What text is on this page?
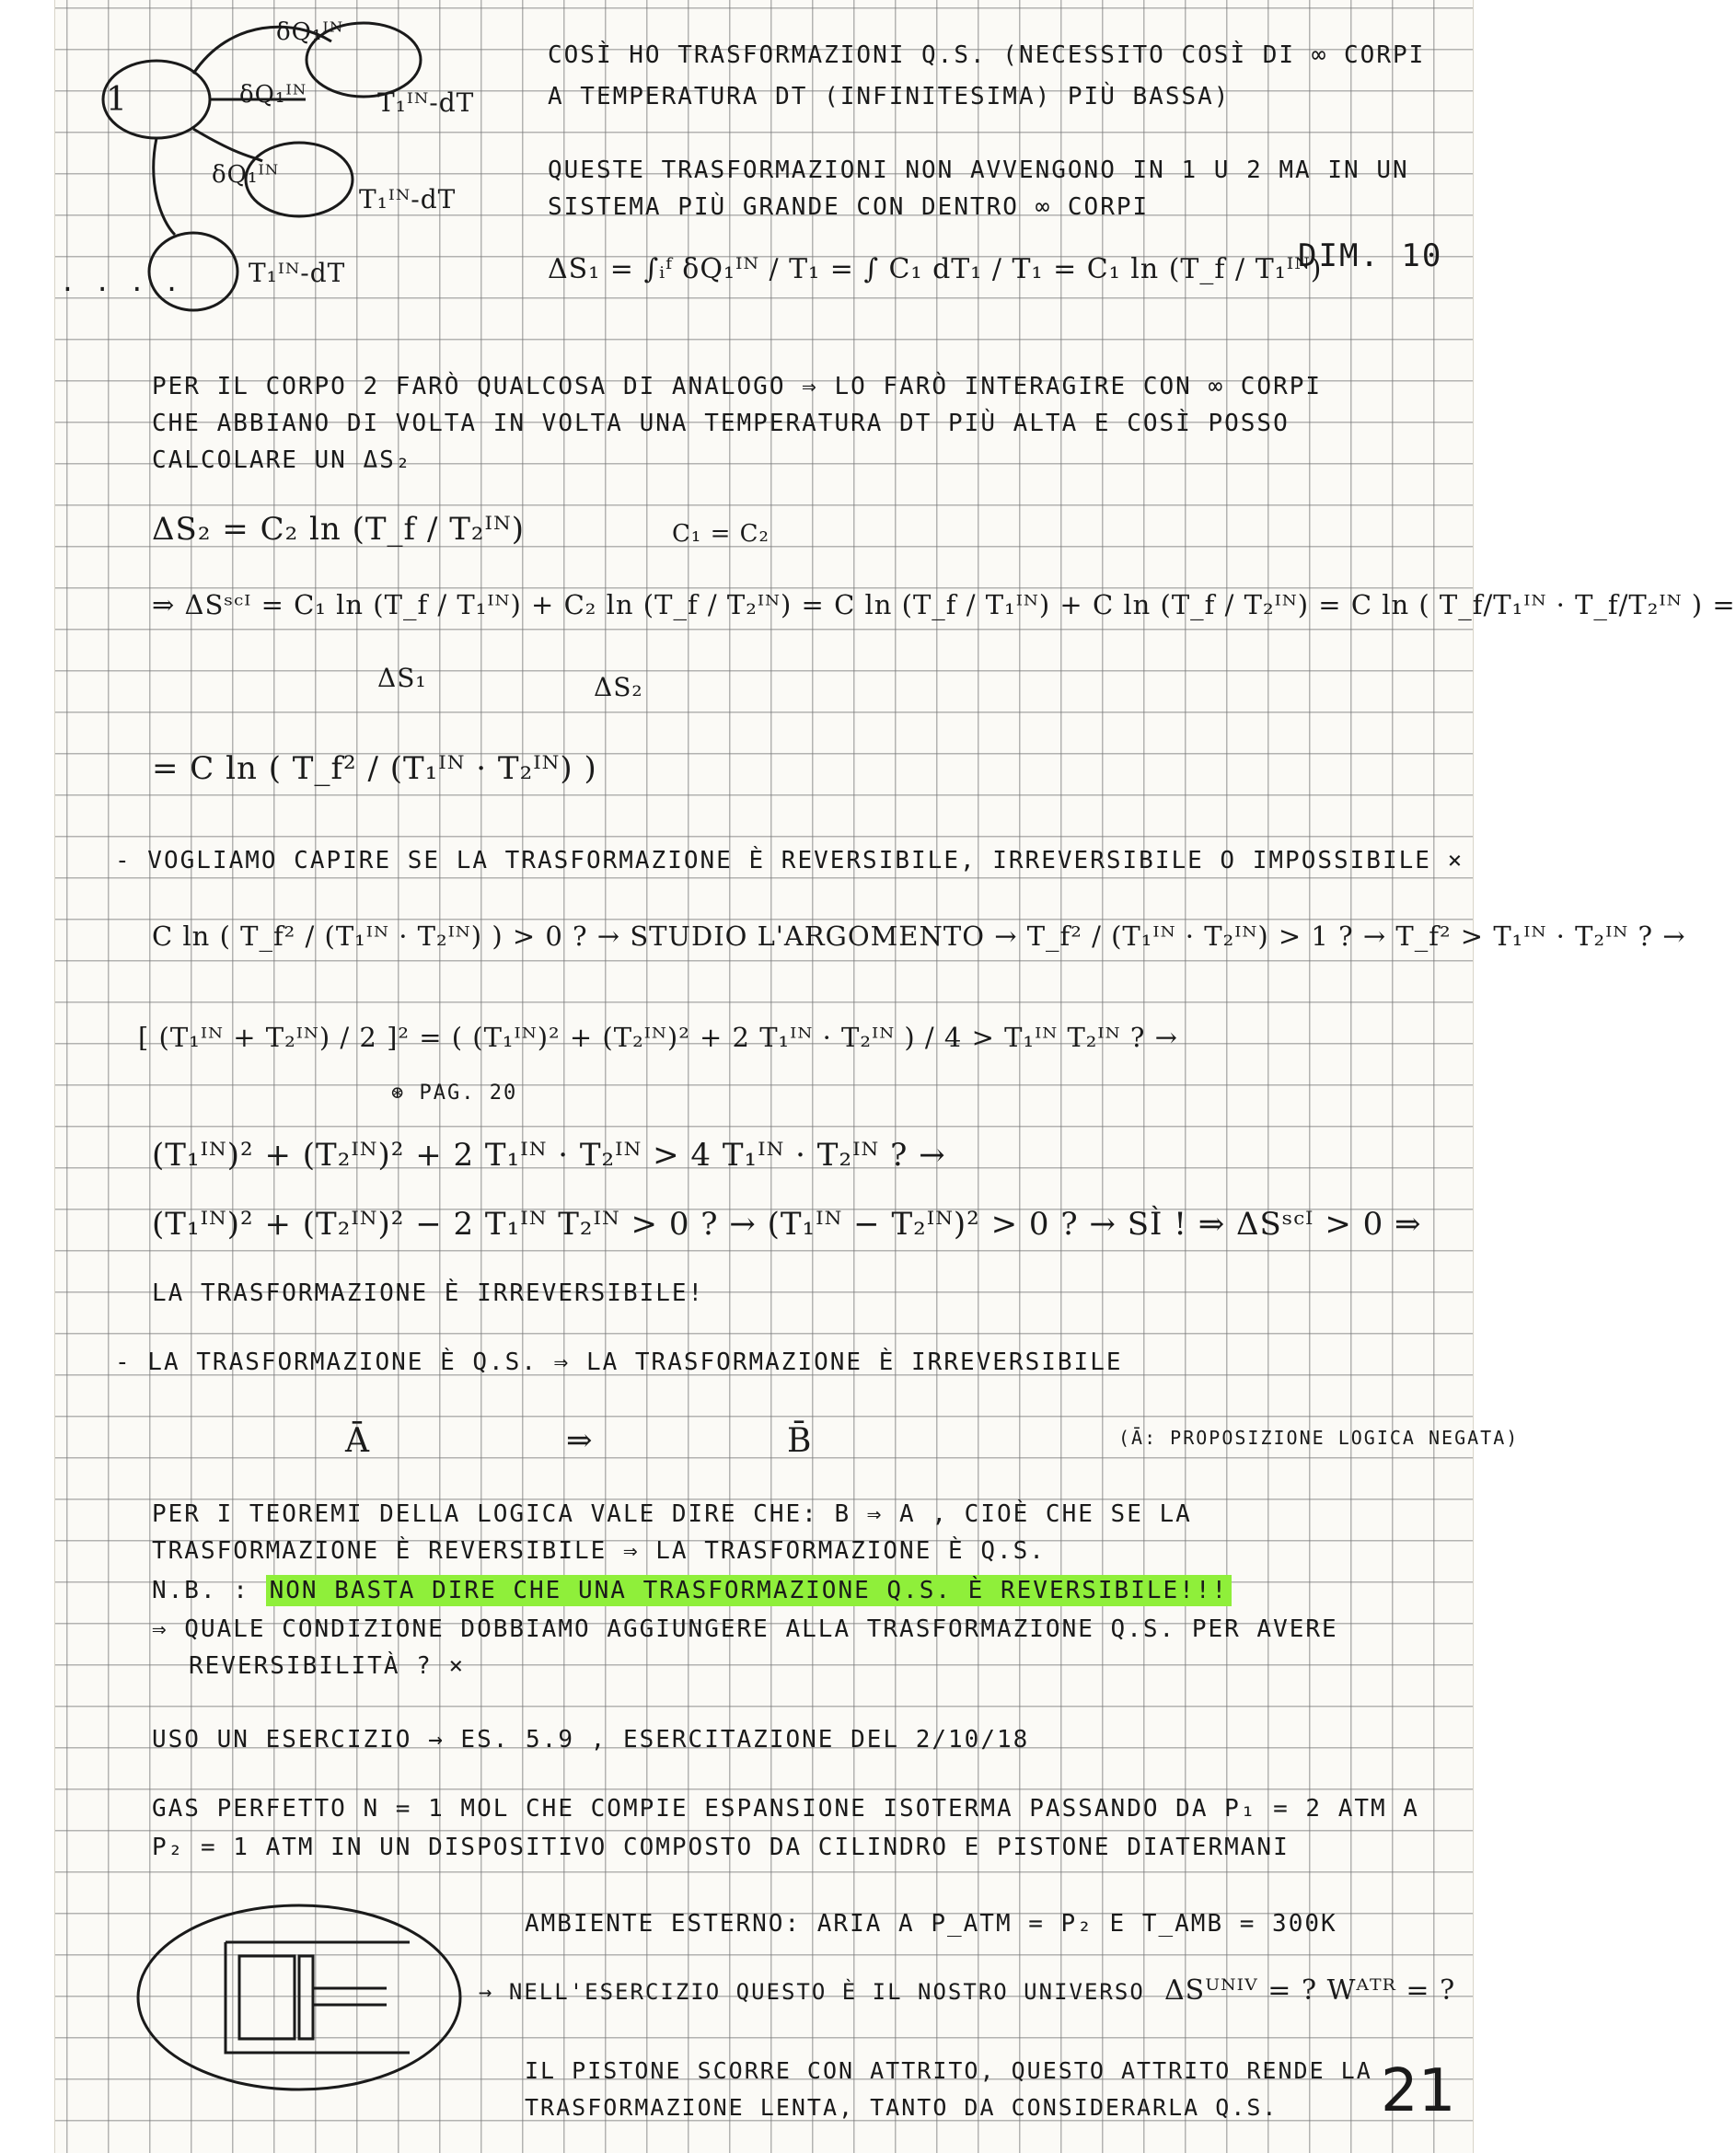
1
δQ₁ᴵᴺ
δQ₁ᴵᴺ
δQ₁ᴵᴺ
T₁ᴵᴺ-dT
T₁ᴵᴺ-dT
T₁ᴵᴺ-dT
. . . .
COSÌ HO TRASFORMAZIONI Q.S. (NECESSITO COSÌ DI ∞ CORPI
A TEMPERATURA DT (INFINITESIMA) PIÙ BASSA)
QUESTE TRASFORMAZIONI NON AVVENGONO IN 1 U 2 MA IN UN
SISTEMA PIÙ GRANDE CON DENTRO ∞ CORPI
DIM. 10
ΔS₁ = ∫ᵢᶠ δQ₁ᴵᴺ / T₁ = ∫ C₁ dT₁ / T₁ = C₁ ln (T_f / T₁ᴵᴺ)
PER IL CORPO 2 FARÒ QUALCOSA DI ANALOGO ⇒ LO FARÒ INTERAGIRE CON ∞ CORPI
CHE ABBIANO DI VOLTA IN VOLTA UNA TEMPERATURA DT PIÙ ALTA E COSÌ POSSO
CALCOLARE UN ΔS₂
ΔS₂ = C₂ ln (T_f / T₂ᴵᴺ)	C₁ = C₂
⇒ ΔSˢᶜᴵ = C₁ ln (T_f / T₁ᴵᴺ) + C₂ ln (T_f / T₂ᴵᴺ) = C ln (T_f / T₁ᴵᴺ) + C ln (T_f / T₂ᴵᴺ) = C ln ( T_f/T₁ᴵᴺ · T_f/T₂ᴵᴺ ) =
ΔS₁	ΔS₂
= C ln ( T_f² / (T₁ᴵᴺ · T₂ᴵᴺ) )
- VOGLIAMO CAPIRE SE LA TRASFORMAZIONE È REVERSIBILE, IRREVERSIBILE O IMPOSSIBILE ×
C ln ( T_f² / (T₁ᴵᴺ · T₂ᴵᴺ) ) > 0 ? → STUDIO L'ARGOMENTO → T_f² / (T₁ᴵᴺ · T₂ᴵᴺ) > 1 ? → T_f² > T₁ᴵᴺ · T₂ᴵᴺ ? →
[ (T₁ᴵᴺ + T₂ᴵᴺ) / 2 ]² = ( (T₁ᴵᴺ)² + (T₂ᴵᴺ)² + 2 T₁ᴵᴺ · T₂ᴵᴺ ) / 4 > T₁ᴵᴺ T₂ᴵᴺ ? →
⊛ PAG. 20
(T₁ᴵᴺ)² + (T₂ᴵᴺ)² + 2 T₁ᴵᴺ · T₂ᴵᴺ > 4 T₁ᴵᴺ · T₂ᴵᴺ ? →
(T₁ᴵᴺ)² + (T₂ᴵᴺ)² − 2 T₁ᴵᴺ T₂ᴵᴺ > 0 ? → (T₁ᴵᴺ − T₂ᴵᴺ)² > 0 ? → SÌ ! ⇒ ΔSˢᶜᴵ > 0 ⇒
LA TRASFORMAZIONE È IRREVERSIBILE!
- LA TRASFORMAZIONE È Q.S. ⇒ LA TRASFORMAZIONE È IRREVERSIBILE
Ā	⇒	B̄	(Ā: PROPOSIZIONE LOGICA NEGATA)
PER I TEOREMI DELLA LOGICA VALE DIRE CHE: B ⇒ A , CIOÈ CHE SE LA
TRASFORMAZIONE È REVERSIBILE ⇒ LA TRASFORMAZIONE È Q.S.
N.B. : NON BASTA DIRE CHE UNA TRASFORMAZIONE Q.S. È REVERSIBILE!!!
⇒ QUALE CONDIZIONE DOBBIAMO AGGIUNGERE ALLA TRASFORMAZIONE Q.S. PER AVERE
REVERSIBILITÀ ? ×
USO UN ESERCIZIO → ES. 5.9 , ESERCITAZIONE DEL 2/10/18
GAS PERFETTO N = 1 MOL CHE COMPIE ESPANSIONE ISOTERMA PASSANDO DA P₁ = 2 ATM A
P₂ = 1 ATM IN UN DISPOSITIVO COMPOSTO DA CILINDRO E PISTONE DIATERMANI
AMBIENTE ESTERNO: ARIA A P_ATM = P₂ E T_AMB = 300K
→ NELL'ESERCIZIO QUESTO È IL NOSTRO UNIVERSO ΔSᵁᴺᴵⱽ = ? Wᴬᵀᴿ = ?
IL PISTONE SCORRE CON ATTRITO, QUESTO ATTRITO RENDE LA
TRASFORMAZIONE LENTA, TANTO DA CONSIDERARLA Q.S. 21
